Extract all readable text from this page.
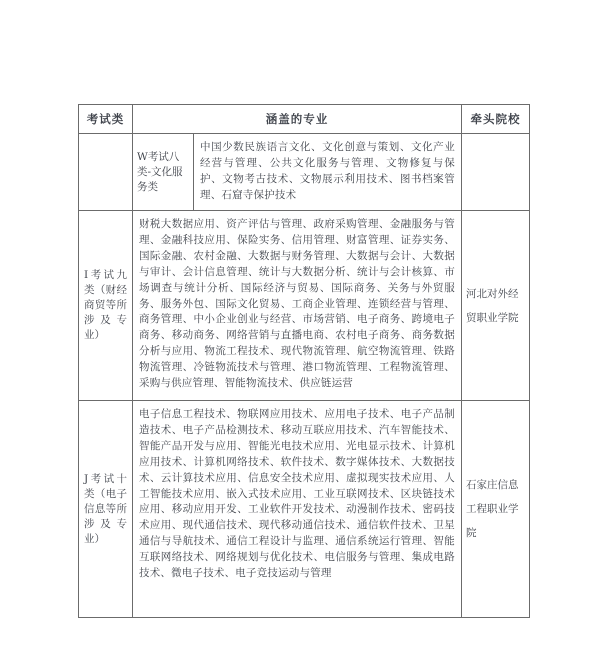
考试类	涵盖的专业		牵头院校
	W考试八类-文化服务类	中国少数民族语言文化、文化创意与策划、文化产业经营与管理、公共文化服务与管理、文物修复与保护、文物考古技术、文物展示利用技术、图书档案管理、石窟寺保护技术	
I考试九类（财经商贸等所涉及专业）	财税大数据应用、资产评估与管理、政府采购管理、金融服务与管理、金融科技应用、保险实务、信用管理、财富管理、证券实务、国际金融、农村金融、大数据与财务管理、大数据与会计、大数据与审计、会计信息管理、统计与大数据分析、统计与会计核算、市场调查与统计分析、国际经济与贸易、国际商务、关务与外贸服务、服务外包、国际文化贸易、工商企业管理、连锁经营与管理、商务管理、中小企业创业与经营、市场营销、电子商务、跨境电子商务、移动商务、网络营销与直播电商、农村电子商务、商务数据分析与应用、物流工程技术、现代物流管理、航空物流管理、铁路物流管理、冷链物流技术与管理、港口物流管理、工程物流管理、采购与供应管理、智能物流技术、供应链运营		河北对外经贸职业学院
J考试十类（电子信息等所涉及专业）	电子信息工程技术、物联网应用技术、应用电子技术、电子产品制造技术、电子产品检测技术、移动互联应用技术、汽车智能技术、智能产品开发与应用、智能光电技术应用、光电显示技术、计算机应用技术、计算机网络技术、软件技术、数字媒体技术、大数据技术、云计算技术应用、信息安全技术应用、虚拟现实技术应用、人工智能技术应用、嵌入式技术应用、工业互联网技术、区块链技术应用、移动应用开发、工业软件开发技术、动漫制作技术、密码技术应用、现代通信技术、现代移动通信技术、通信软件技术、卫星通信与导航技术、通信工程设计与监理、通信系统运行管理、智能互联网络技术、网络规划与优化技术、电信服务与管理、集成电路技术、微电子技术、电子竞技运动与管理		石家庄信息工程职业学院
